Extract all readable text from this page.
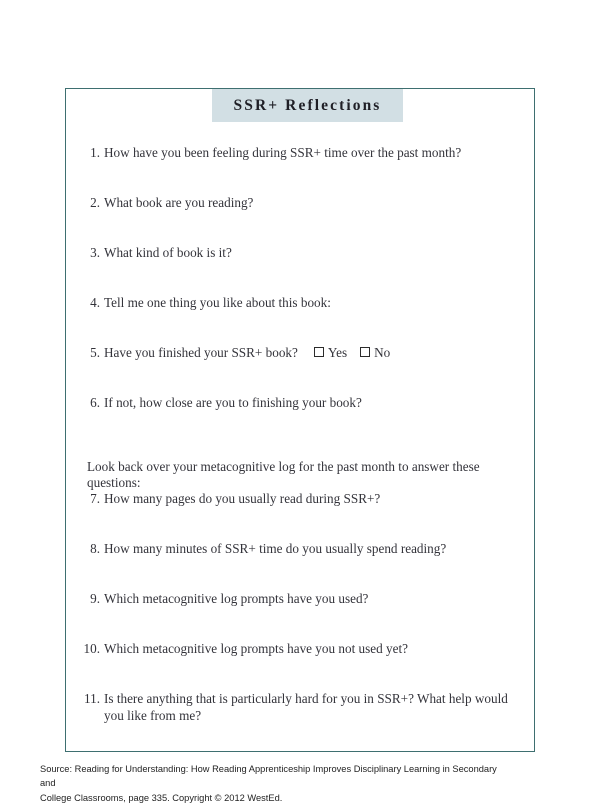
SSR+ Reflections
1. How have you been feeling during SSR+ time over the past month?
2. What book are you reading?
3. What kind of book is it?
4. Tell me one thing you like about this book:
5. Have you finished your SSR+ book? Yes No
6. If not, how close are you to finishing your book?
Look back over your metacognitive log for the past month to answer these questions:
7. How many pages do you usually read during SSR+?
8. How many minutes of SSR+ time do you usually spend reading?
9. Which metacognitive log prompts have you used?
10. Which metacognitive log prompts have you not used yet?
11. Is there anything that is particularly hard for you in SSR+? What help would you like from me?
Source: Reading for Understanding: How Reading Apprenticeship Improves Disciplinary Learning in Secondary and
College Classrooms, page 335. Copyright © 2012 WestEd.
